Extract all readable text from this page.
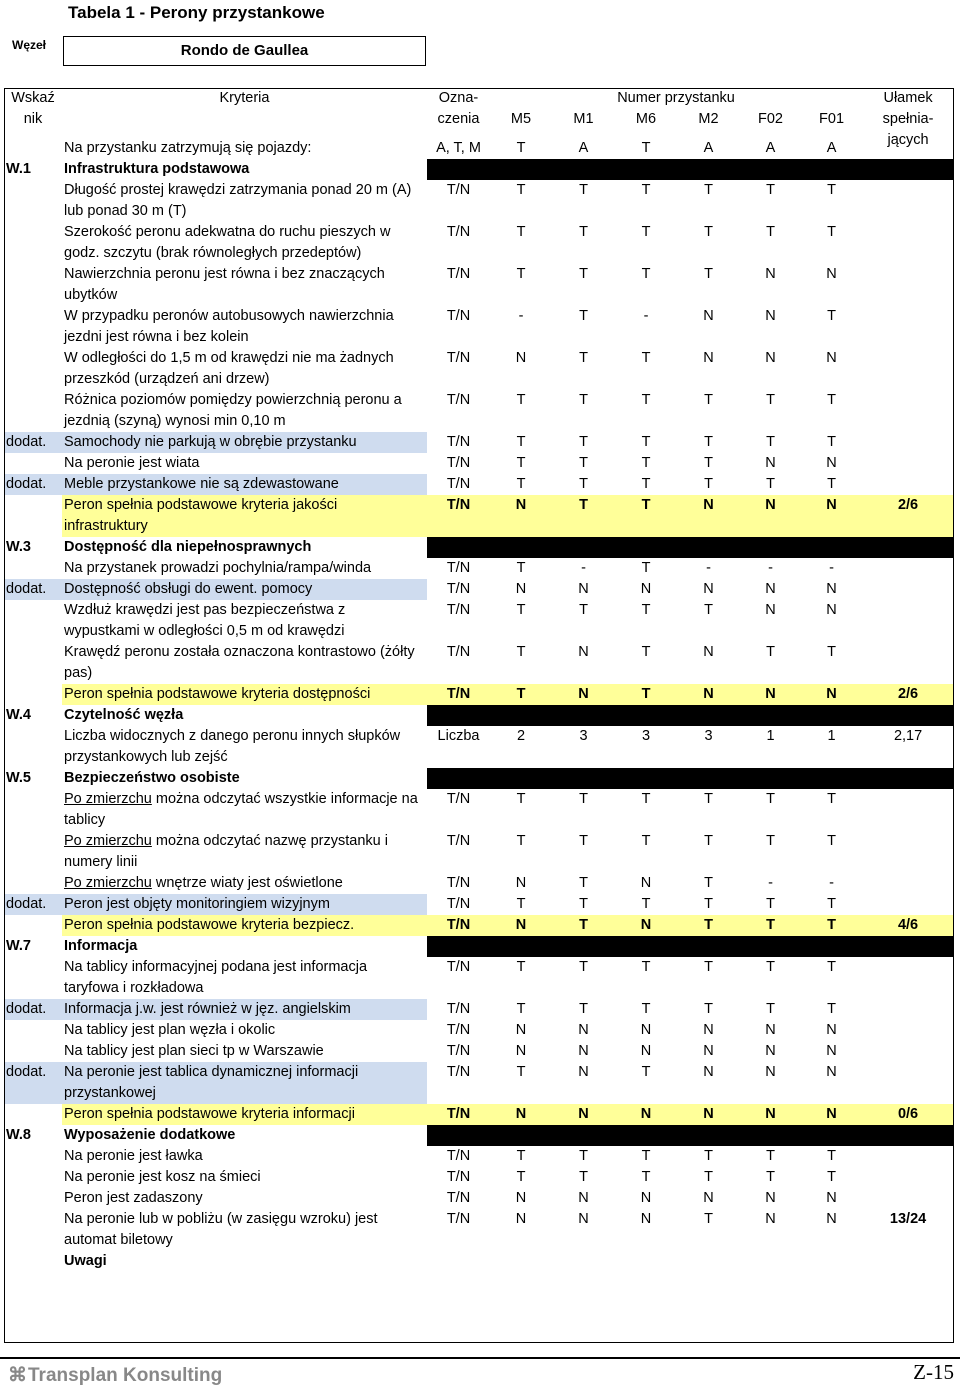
Tabela 1 - Perony przystankowe
Węzeł	Rondo de Gaullea
Wskaź nik	Kryteria	Ozna- czenia	Numer przystanku						Ułamek spełnia- jących
			M5	M1	M6	M2	F02	F01	
	Na przystanku zatrzymują się pojazdy:	A, T, M	T	A	T	A	A	A	
W.1	Infrastruktura podstawowa								
	Długość prostej krawędzi zatrzymania ponad 20 m (A) lub ponad 30 m (T)	T/N	T	T	T	T	T	T	
	Szerokość peronu adekwatna do ruchu pieszych w godz. szczytu (brak równoległych przedeptów)	T/N	T	T	T	T	T	T	
	Nawierzchnia peronu jest równa i bez znaczących ubytków	T/N	T	T	T	T	N	N	
	W przypadku peronów autobusowych nawierzchnia jezdni jest równa i bez kolein	T/N	-	T	-	N	N	T	
	W odległości do 1,5 m od krawędzi nie ma żadnych przeszkód (urządzeń ani drzew)	T/N	N	T	T	N	N	N	
	Różnica poziomów pomiędzy powierzchnią peronu a jezdnią (szyną) wynosi min 0,10 m	T/N	T	T	T	T	T	T	
dodat.	Samochody nie parkują w obrębie przystanku	T/N	T	T	T	T	T	T	
	Na peronie jest wiata	T/N	T	T	T	T	N	N	
dodat.	Meble przystankowe nie są zdewastowane	T/N	T	T	T	T	T	T	
	Peron spełnia podstawowe kryteria jakości infrastruktury	T/N	N	T	T	N	N	N	2/6
W.3	Dostępność dla niepełnosprawnych								
	Na przystanek prowadzi pochylnia/rampa/winda	T/N	T	-	T	-	-	-	
dodat.	Dostępność obsługi do ewent. pomocy	T/N	N	N	N	N	N	N	
	Wzdłuż krawędzi jest pas bezpieczeństwa z wypustkami w odległości 0,5 m od krawędzi	T/N	T	T	T	T	N	N	
	Krawędź peronu została oznaczona kontrastowo (żółty pas)	T/N	T	N	T	N	T	T	
	Peron spełnia podstawowe kryteria dostępności	T/N	T	N	T	N	N	N	2/6
W.4	Czytelność węzła								
	Liczba widocznych z danego peronu innych słupków przystankowych lub zejść	Liczba	2	3	3	3	1	1	2,17
W.5	Bezpieczeństwo osobiste								
	Po zmierzchu można odczytać wszystkie informacje na tablicy	T/N	T	T	T	T	T	T	
	Po zmierzchu można odczytać nazwę przystanku i numery linii	T/N	T	T	T	T	T	T	
	Po zmierzchu wnętrze wiaty jest oświetlone	T/N	N	T	N	T	-	-	
dodat.	Peron jest objęty monitoringiem wizyjnym	T/N	T	T	T	T	T	T	
	Peron spełnia podstawowe kryteria bezpiecz.	T/N	N	T	N	T	T	T	4/6
W.7	Informacja								
	Na tablicy informacyjnej podana jest informacja taryfowa i rozkładowa	T/N	T	T	T	T	T	T	
dodat.	Informacja j.w. jest również w jęz. angielskim	T/N	T	T	T	T	T	T	
	Na tablicy jest plan węzła i okolic	T/N	N	N	N	N	N	N	
	Na tablicy jest plan sieci tp w Warszawie	T/N	N	N	N	N	N	N	
dodat.	Na peronie jest tablica dynamicznej informacji przystankowej	T/N	T	N	T	N	N	N	
	Peron spełnia podstawowe kryteria informacji	T/N	N	N	N	N	N	N	0/6
W.8	Wyposażenie dodatkowe								
	Na peronie jest ławka	T/N	T	T	T	T	T	T	
	Na peronie jest kosz na śmieci	T/N	T	T	T	T	T	T	
	Peron jest zadaszony	T/N	N	N	N	N	N	N	
	Na peronie lub w pobliżu (w zasięgu wzroku) jest automat biletowy	T/N	N	N	N	T	N	N	13/24
	Uwagi								
⌘Transplan Konsulting	Z-15
